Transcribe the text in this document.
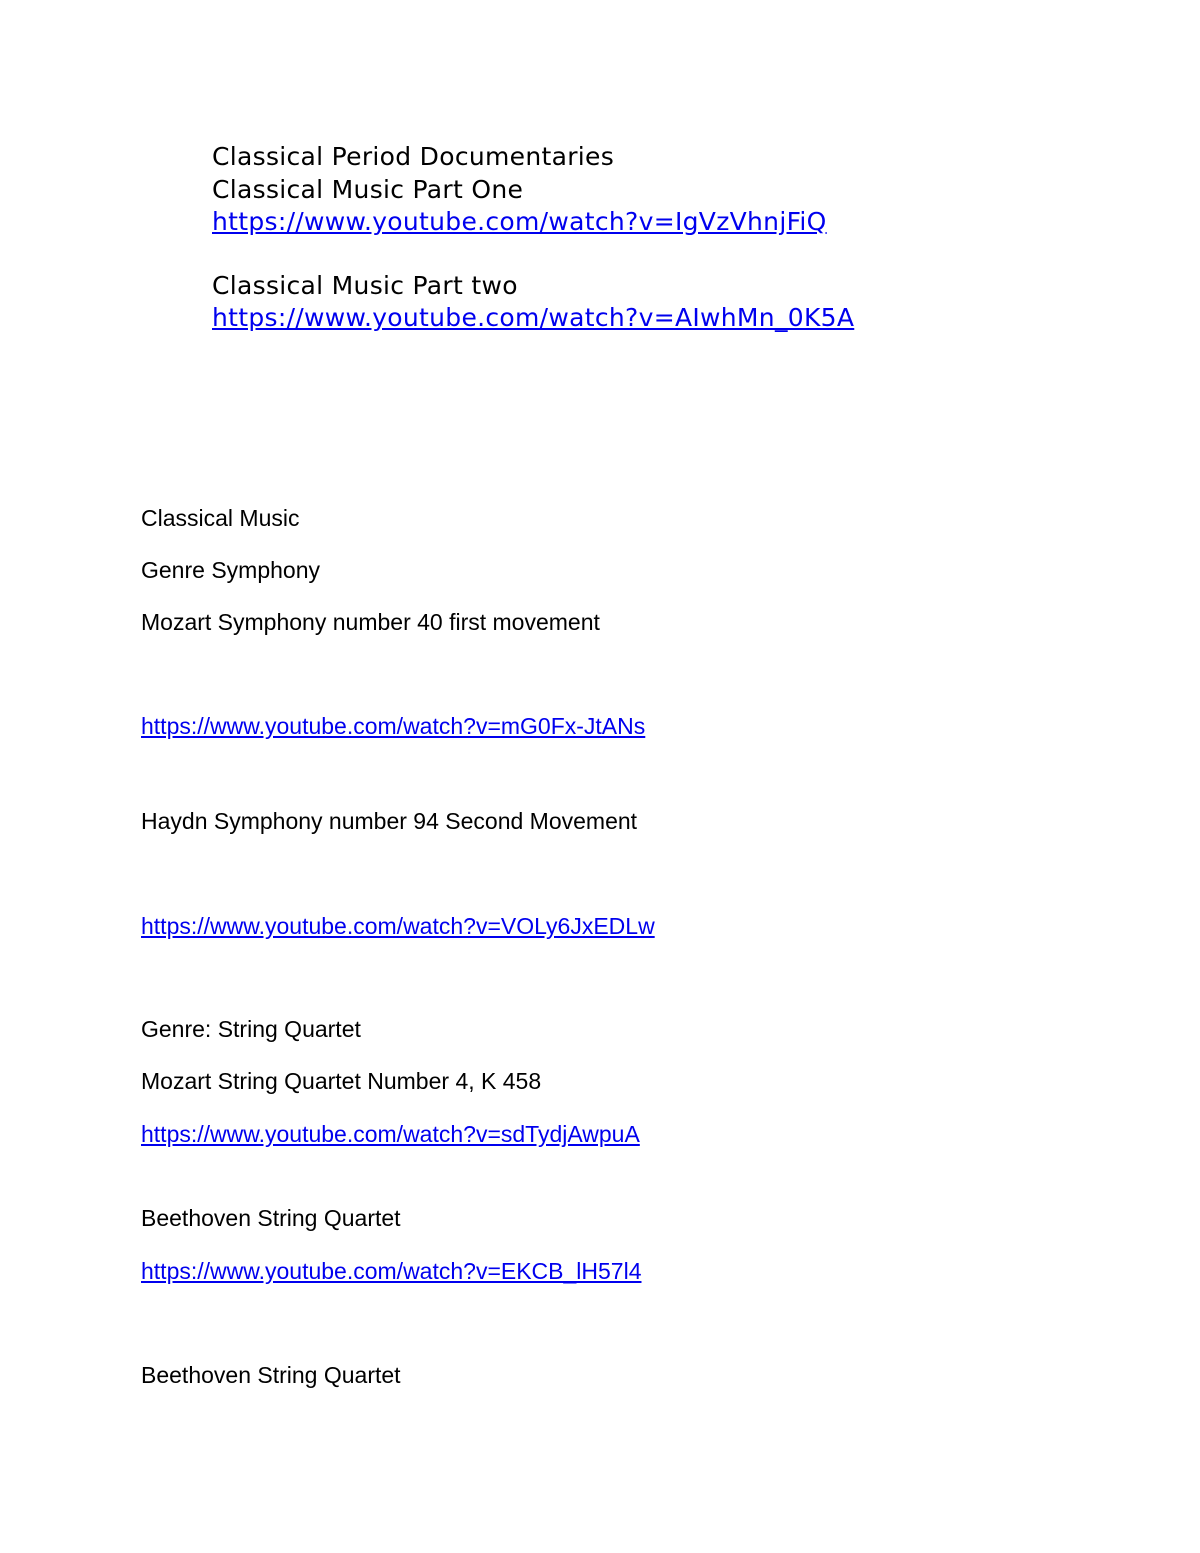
Classical Period Documentaries
Classical Music Part One
https://www.youtube.com/watch?v=IgVzVhnjFiQ
Classical Music Part two
https://www.youtube.com/watch?v=AIwhMn_0K5A
Classical Music
Genre Symphony
Mozart Symphony number 40 first movement
https://www.youtube.com/watch?v=mG0Fx-JtANs
Haydn Symphony number 94 Second Movement
https://www.youtube.com/watch?v=VOLy6JxEDLw
Genre: String Quartet
Mozart String Quartet Number 4, K 458
https://www.youtube.com/watch?v=sdTydjAwpuA
Beethoven String Quartet
https://www.youtube.com/watch?v=EKCB_lH57l4
Beethoven String Quartet
